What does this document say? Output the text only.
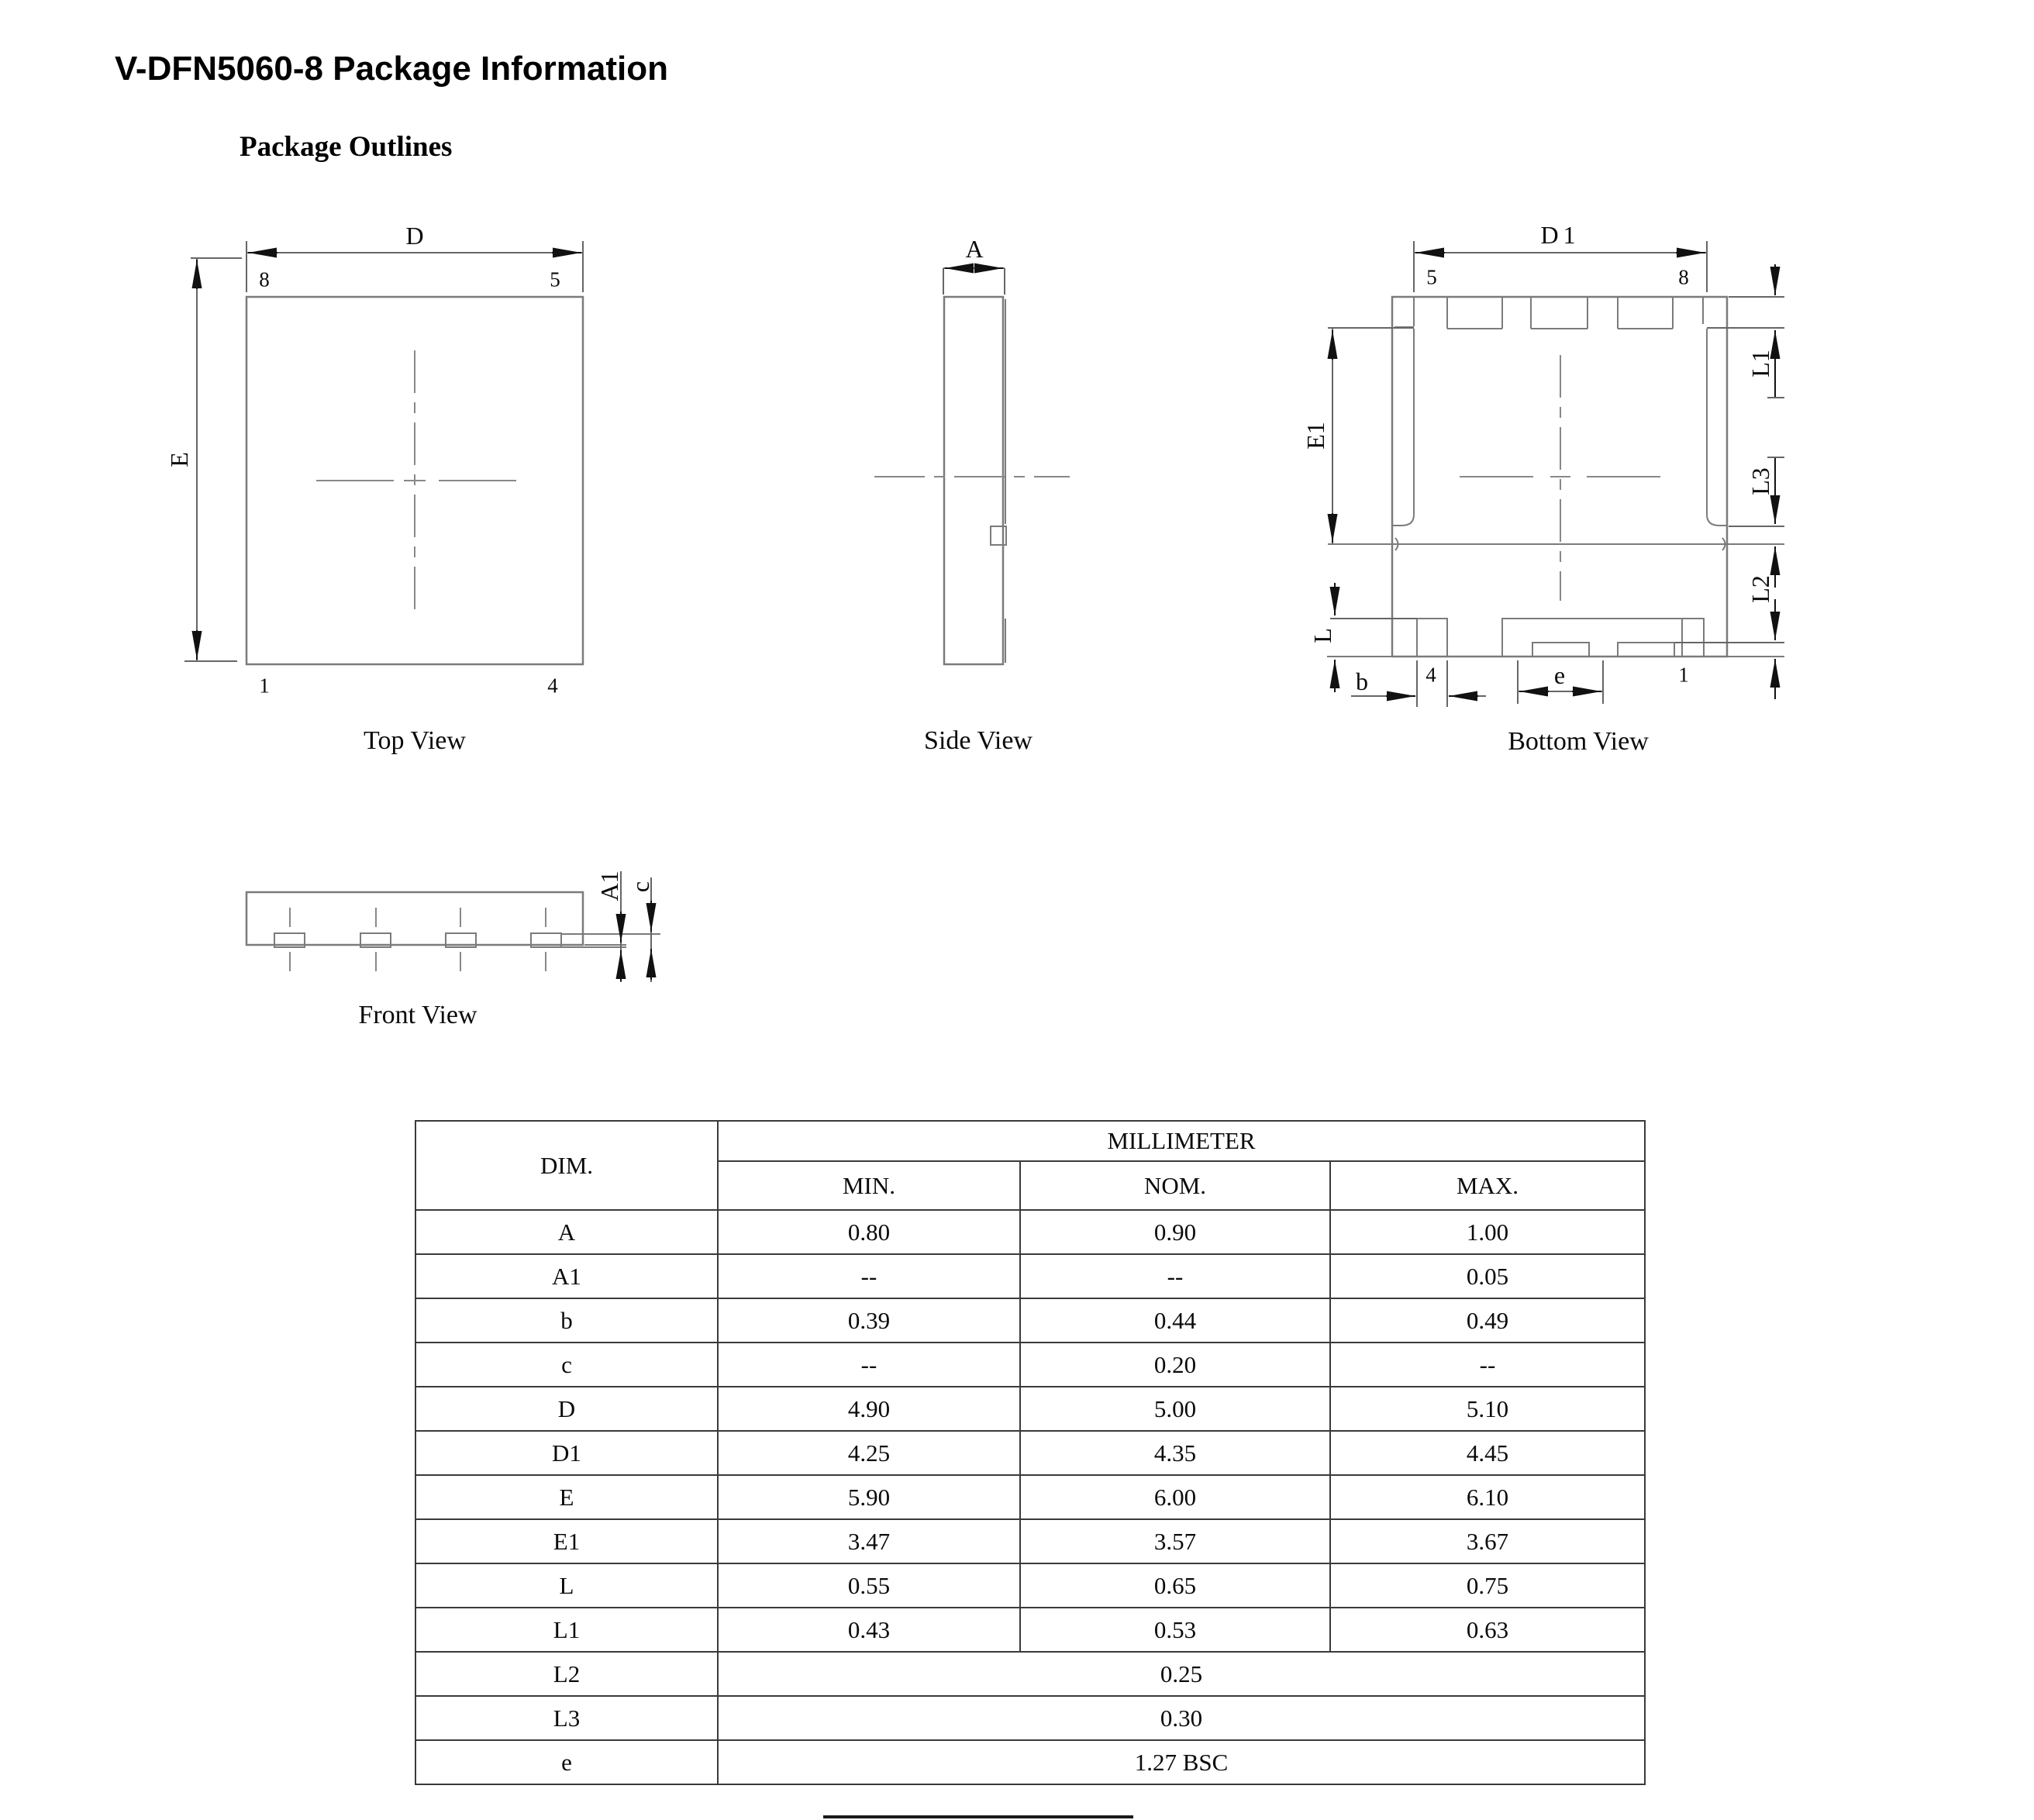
V-DFN5060-8 Package Information
Package Outlines
D
E
8	5
1	4
Top View
A
Side View
D1
5	8
E1
L
L1
L3
L2
b	4	e	1
Bottom View
A1 c
Front View
DIM.	MILLIMETER		
	MIN.	NOM.	MAX.
A	0.80	0.90	1.00
A1	--	--	0.05
b	0.39	0.44	0.49
c	--	0.20	--
D	4.90	5.00	5.10
D1	4.25	4.35	4.45
E	5.90	6.00	6.10
E1	3.47	3.57	3.67
L	0.55	0.65	0.75
L1	0.43	0.53	0.63
L2	0.25		
L3	0.30		
e	1.27 BSC		
